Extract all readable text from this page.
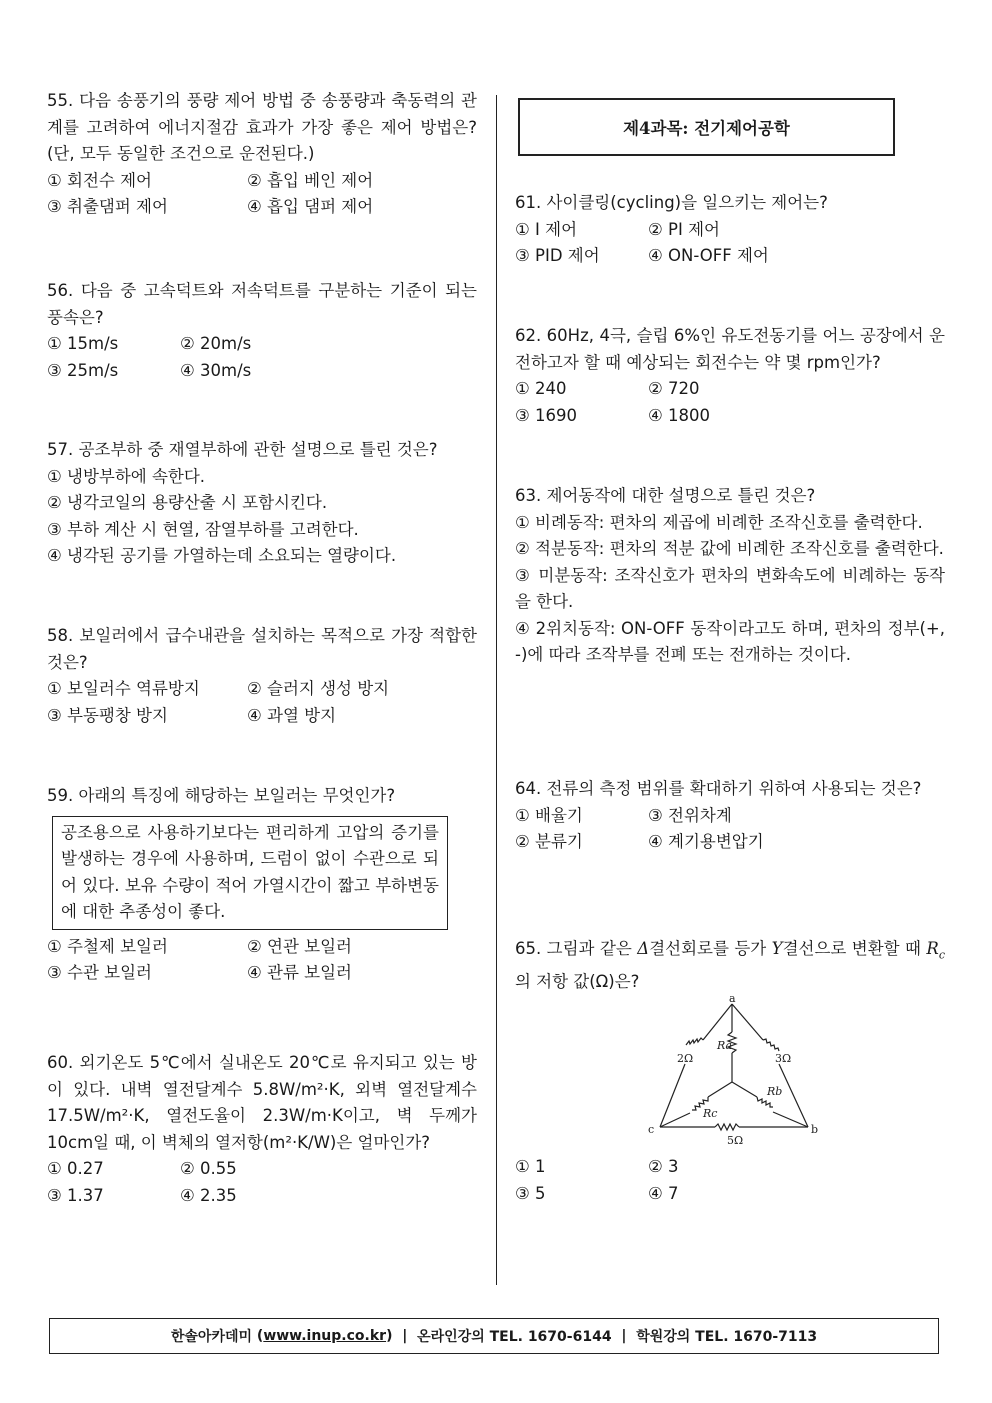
55. 다음 송풍기의 풍량 제어 방법 중 송풍량과 축동력의 관계를 고려하여 에너지절감 효과가 가장 좋은 제어 방법은? (단, 모두 동일한 조건으로 운전된다.)

① 회전수 제어	② 흡입 베인 제어
③ 취출댐퍼 제어	④ 흡입 댐퍼 제어

56. 다음 중 고속덕트와 저속덕트를 구분하는 기준이 되는 풍속은?

① 15m/s	② 20m/s
③ 25m/s	④ 30m/s

57. 공조부하 중 재열부하에 관한 설명으로 틀린 것은?

① 냉방부하에 속한다.
② 냉각코일의 용량산출 시 포함시킨다.
③ 부하 계산 시 현열, 잠열부하를 고려한다.
④ 냉각된 공기를 가열하는데 소요되는 열량이다.

58. 보일러에서 급수내관을 설치하는 목적으로 가장 적합한 것은?

① 보일러수 역류방지	② 슬러지 생성 방지
③ 부동팽창 방지	④ 과열 방지

59. 아래의 특징에 해당하는 보일러는 무엇인가?

공조용으로 사용하기보다는 편리하게 고압의 증기를 발생하는 경우에 사용하며, 드럼이 없이 수관으로 되어 있다. 보유 수량이 적어 가열시간이 짧고 부하변동에 대한 추종성이 좋다.
① 주철제 보일러	② 연관 보일러
③ 수관 보일러	④ 관류 보일러

60. 외기온도 5℃에서 실내온도 20℃로 유지되고 있는 방이 있다. 내벽 열전달계수 5.8W/m²·K, 외벽 열전달계수 17.5W/m²·K, 열전도율이 2.3W/m·K이고, 벽 두께가 10cm일 때, 이 벽체의 열저항(m²·K/W)은 얼마인가?

① 0.27	② 0.55
③ 1.37	④ 2.35
제4과목: 전기제어공학

61. 사이클링(cycling)을 일으키는 제어는?

① I 제어	② PI 제어
③ PID 제어	④ ON-OFF 제어

62. 60Hz, 4극, 슬립 6%인 유도전동기를 어느 공장에서 운전하고자 할 때 예상되는 회전수는 약 몇 rpm인가?

① 240	② 720
③ 1690	④ 1800

63. 제어동작에 대한 설명으로 틀린 것은?

① 비례동작: 편차의 제곱에 비례한 조작신호를 출력한다.
② 적분동작: 편차의 적분 값에 비례한 조작신호를 출력한다.
③ 미분동작: 조작신호가 편차의 변화속도에 비례하는 동작을 한다.
④ 2위치동작: ON-OFF 동작이라고도 하며, 편차의 정부(+, -)에 따라 조작부를 전폐 또는 전개하는 것이다.

64. 전류의 측정 범위를 확대하기 위하여 사용되는 것은?

① 배율기	③ 전위차계
② 분류기	④ 계기용변압기

65. 그림과 같은 Δ결선회로를 등가 Y결선으로 변환할 때 $R_c$의 저항 값(Ω)은?

a
c	b
2Ω	3Ω
5Ω
Ra
Rb
Rc
① 1	② 3
③ 5	④ 7
한솔아카데미 ( www.inup.co.kr ) |
온라인강의 TEL. 1670-6144
|
학원강의 TEL. 1670-7113
